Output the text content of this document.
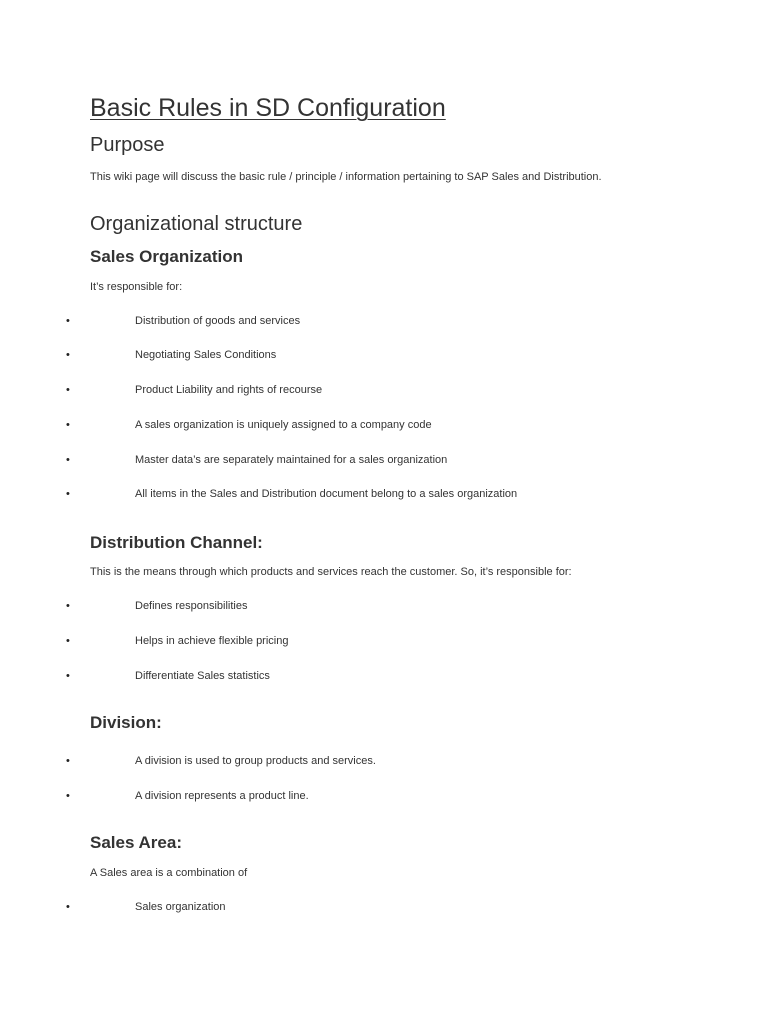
Basic Rules in SD Configuration
Purpose

This wiki page will discuss the basic rule / principle / information pertaining to SAP Sales and Distribution.

Organizational structure
Sales Organization

It’s responsible for:

•	Distribution of goods and services
•	Negotiating Sales Conditions
•	Product Liability and rights of recourse
•	A sales organization is uniquely assigned to a company code
•	Master data’s are separately maintained for a sales organization
•	All items in the Sales and Distribution document belong to a sales organization
Distribution Channel:

This is the means through which products and services reach the customer. So, it’s responsible for:

•	Defines responsibilities
•	Helps in achieve flexible pricing
•	Differentiate Sales statistics
Division:
•	A division is used to group products and services.
•	A division represents a product line.
Sales Area:

A Sales area is a combination of

•	Sales organization
